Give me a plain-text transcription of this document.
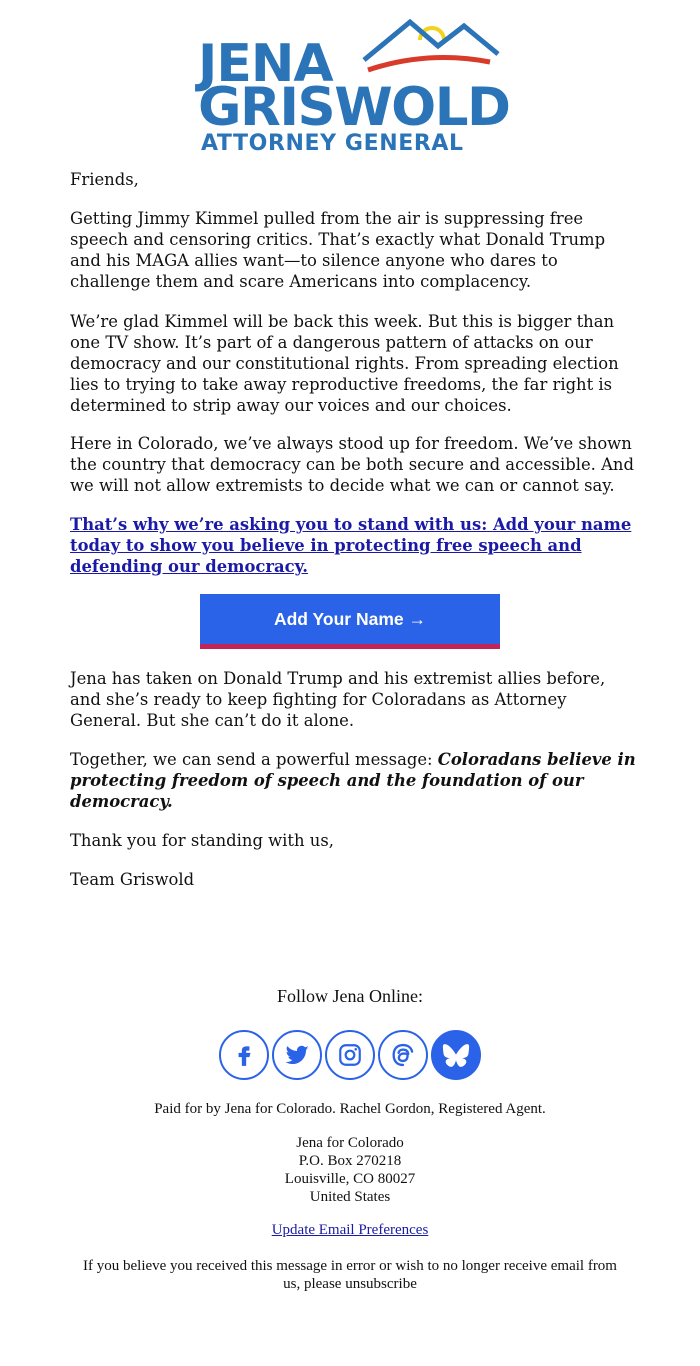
JENA
GRISWOLD
ATTORNEY GENERAL

Friends,

Getting Jimmy Kimmel pulled from the air is suppressing free speech and censoring critics. That’s exactly what Donald Trump and his MAGA allies want—to silence anyone who dares to challenge them and scare Americans into complacency.

We’re glad Kimmel will be back this week. But this is bigger than one TV show. It’s part of a dangerous pattern of attacks on our democracy and our constitutional rights. From spreading election lies to trying to take away reproductive freedoms, the far right is determined to strip away our voices and our choices.

Here in Colorado, we’ve always stood up for freedom. We’ve shown the country that democracy can be both secure and accessible. And we will not allow extremists to decide what we can or cannot say.

That’s why we’re asking you to stand with us: Add your name today to show you believe in protecting free speech and defending our democracy.

Add Your Name →

Jena has taken on Donald Trump and his extremist allies before, and she’s ready to keep fighting for Coloradans as Attorney General. But she can’t do it alone.

Together, we can send a powerful message: Coloradans believe in protecting freedom of speech and the foundation of our democracy.

Thank you for standing with us,

Team Griswold

Follow Jena Online:
Paid for by Jena for Colorado. Rachel Gordon, Registered Agent.
Jena for Colorado
P.O. Box 270218
Louisville, CO 80027
United States
Update Email Preferences
If you believe you received this message in error or wish to no longer receive email from us, please unsubscribe
